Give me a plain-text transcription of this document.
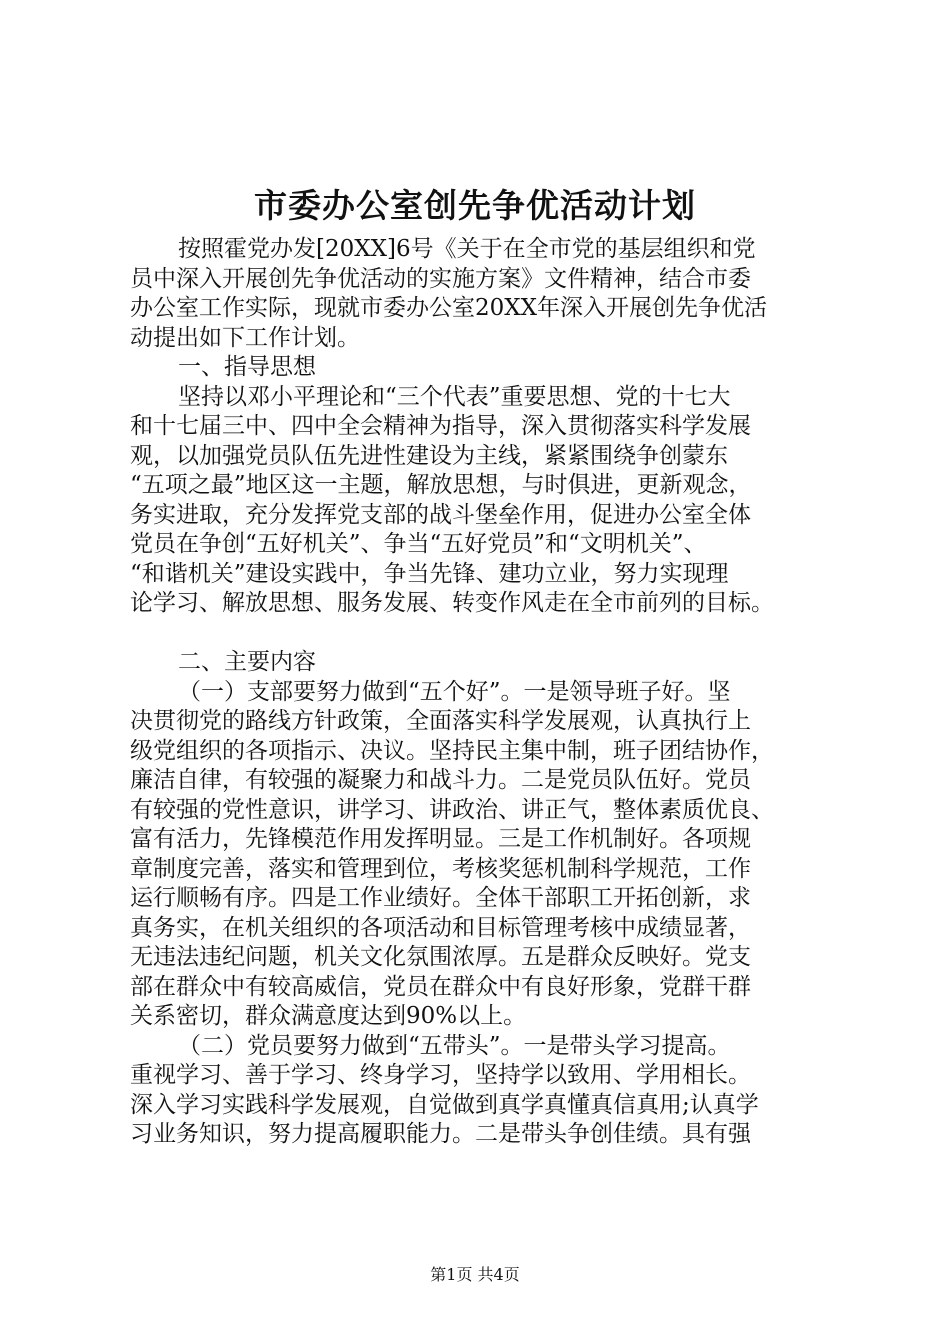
市委办公室创先争优活动计划
按照霍党办发[20XX]6号《关于在全市党的基层组织和党
员中深入开展创先争优活动的实施方案》文件精神，结合市委
办公室工作实际，现就市委办公室20XX年深入开展创先争优活
动提出如下工作计划。
一、指导思想
坚持以邓小平理论和“三个代表”重要思想、党的十七大
和十七届三中、四中全会精神为指导，深入贯彻落实科学发展
观，以加强党员队伍先进性建设为主线，紧紧围绕争创蒙东
“五项之最”地区这一主题，解放思想，与时俱进，更新观念，
务实进取，充分发挥党支部的战斗堡垒作用，促进办公室全体
党员在争创“五好机关”、争当“五好党员”和“文明机关”、
“和谐机关”建设实践中，争当先锋、建功立业，努力实现理
论学习、解放思想、服务发展、转变作风走在全市前列的目标。
二、主要内容
（一）支部要努力做到“五个好”。一是领导班子好。坚
决贯彻党的路线方针政策，全面落实科学发展观，认真执行上
级党组织的各项指示、决议。坚持民主集中制，班子团结协作，
廉洁自律，有较强的凝聚力和战斗力。二是党员队伍好。党员
有较强的党性意识，讲学习、讲政治、讲正气，整体素质优良、
富有活力，先锋模范作用发挥明显。三是工作机制好。各项规
章制度完善，落实和管理到位，考核奖惩机制科学规范，工作
运行顺畅有序。四是工作业绩好。全体干部职工开拓创新，求
真务实，在机关组织的各项活动和目标管理考核中成绩显著，
无违法违纪问题，机关文化氛围浓厚。五是群众反映好。党支
部在群众中有较高威信，党员在群众中有良好形象，党群干群
关系密切，群众满意度达到90%以上。
（二）党员要努力做到“五带头”。一是带头学习提高。
重视学习、善于学习、终身学习，坚持学以致用、学用相长。
深入学习实践科学发展观，自觉做到真学真懂真信真用;认真学
习业务知识，努力提高履职能力。二是带头争创佳绩。具有强
第1页 共4页
